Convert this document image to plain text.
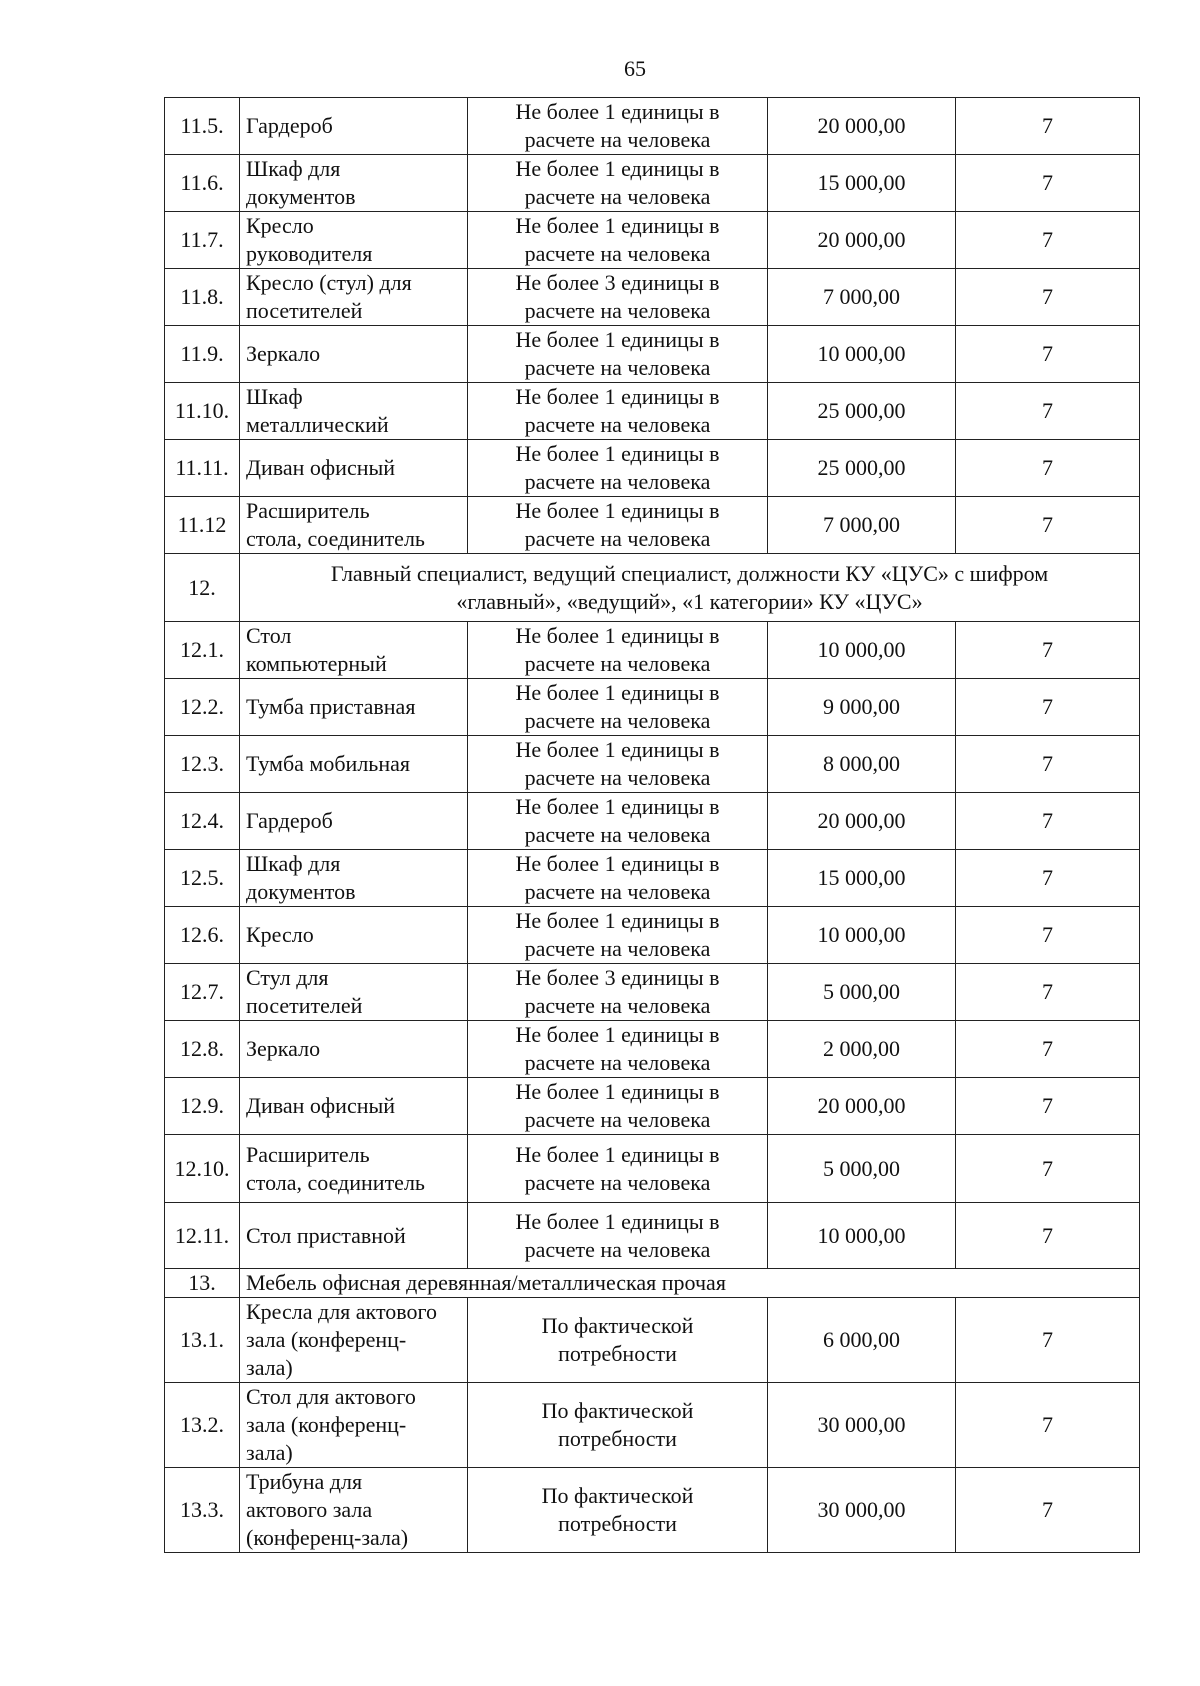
65
11.5.	Гардероб	Не более 1 единицы в
расчете на человека	20 000,00	7
11.6.	Шкаф для
документов	Не более 1 единицы в
расчете на человека	15 000,00	7
11.7.	Кресло
руководителя	Не более 1 единицы в
расчете на человека	20 000,00	7
11.8.	Кресло (стул) для
посетителей	Не более 3 единицы в
расчете на человека	7 000,00	7
11.9.	Зеркало	Не более 1 единицы в
расчете на человека	10 000,00	7
11.10.	Шкаф
металлический	Не более 1 единицы в
расчете на человека	25 000,00	7
11.11.	Диван офисный	Не более 1 единицы в
расчете на человека	25 000,00	7
11.12	Расширитель
стола, соединитель	Не более 1 единицы в
расчете на человека	7 000,00	7
12.	Главный специалист, ведущий специалист, должности КУ «ЦУС» с шифром
«главный», «ведущий», «1 категории» КУ «ЦУС»			

12.1.	Стол
компьютерный	Не более 1 единицы в
расчете на человека	10 000,00	7
12.2.	Тумба приставная	Не более 1 единицы в
расчете на человека	9 000,00	7
12.3.	Тумба мобильная	Не более 1 единицы в
расчете на человека	8 000,00	7
12.4.	Гардероб	Не более 1 единицы в
расчете на человека	20 000,00	7
12.5.	Шкаф для
документов	Не более 1 единицы в
расчете на человека	15 000,00	7
12.6.	Кресло	Не более 1 единицы в
расчете на человека	10 000,00	7
12.7.	Стул для
посетителей	Не более 3 единицы в
расчете на человека	5 000,00	7
12.8.	Зеркало	Не более 1 единицы в
расчете на человека	2 000,00	7
12.9.	Диван офисный	Не более 1 единицы в
расчете на человека	20 000,00	7
12.10.	Расширитель
стола, соединитель	Не более 1 единицы в
расчете на человека	5 000,00	7
12.11.	Стол приставной	Не более 1 единицы в
расчете на человека	10 000,00	7
13.	Мебель офисная деревянная/металлическая прочая			

13.1.	Кресла для актового
зала (конференц-
зала)	По фактической
потребности	6 000,00	7
13.2.	Стол для актового
зала (конференц-
зала)	По фактической
потребности	30 000,00	7
13.3.	Трибуна для
актового зала
(конференц-зала)	По фактической
потребности	30 000,00	7
